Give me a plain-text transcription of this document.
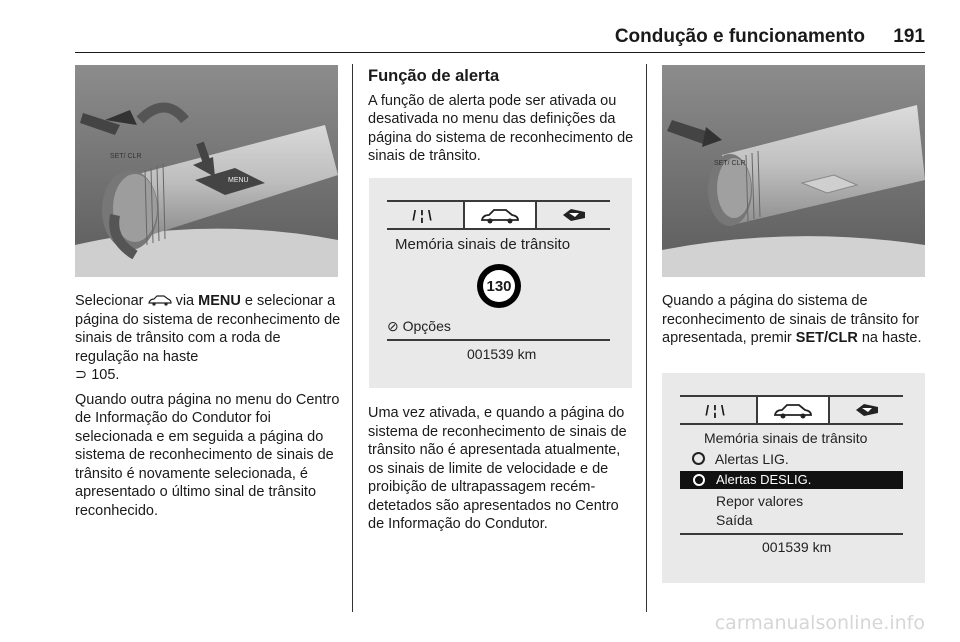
Condução e funcionamento 191
SET/ CLR
MENU

Selecionar  via MENU e selecionar a página do sistema de reconhecimento de sinais de trânsito com a roda de regulação na haste
⊃ 105.

Quando outra página no menu do Centro de Informação do Condutor foi selecionada e em seguida a página do sistema de reconhecimento de sinais de trânsito é novamente selecionada, é apresentado o último sinal de trânsito reconhecido.

Função de alerta

A função de alerta pode ser ativada ou desativada no menu das definições da página do sistema de reconhecimento de sinais de trânsito.

/ ¦ \
Memória sinais de trânsito
130
⊘ Opções
001539 km

Uma vez ativada, e quando a página do sistema de reconhecimento de sinais de trânsito não é apresentada atualmente, os sinais de limite de velocidade e de proibição de ultrapassagem recém-detetados são apresentados no Centro de Informação do Condutor.

SET/ CLR

Quando a página do sistema de reconhecimento de sinais de trânsito for apresentada, premir SET/CLR na haste.

/ ¦ \
Memória sinais de trânsito
Alertas LIG.
Alertas DESLIG.
Repor valores
Saída
001539 km
carmanualsonline.info
